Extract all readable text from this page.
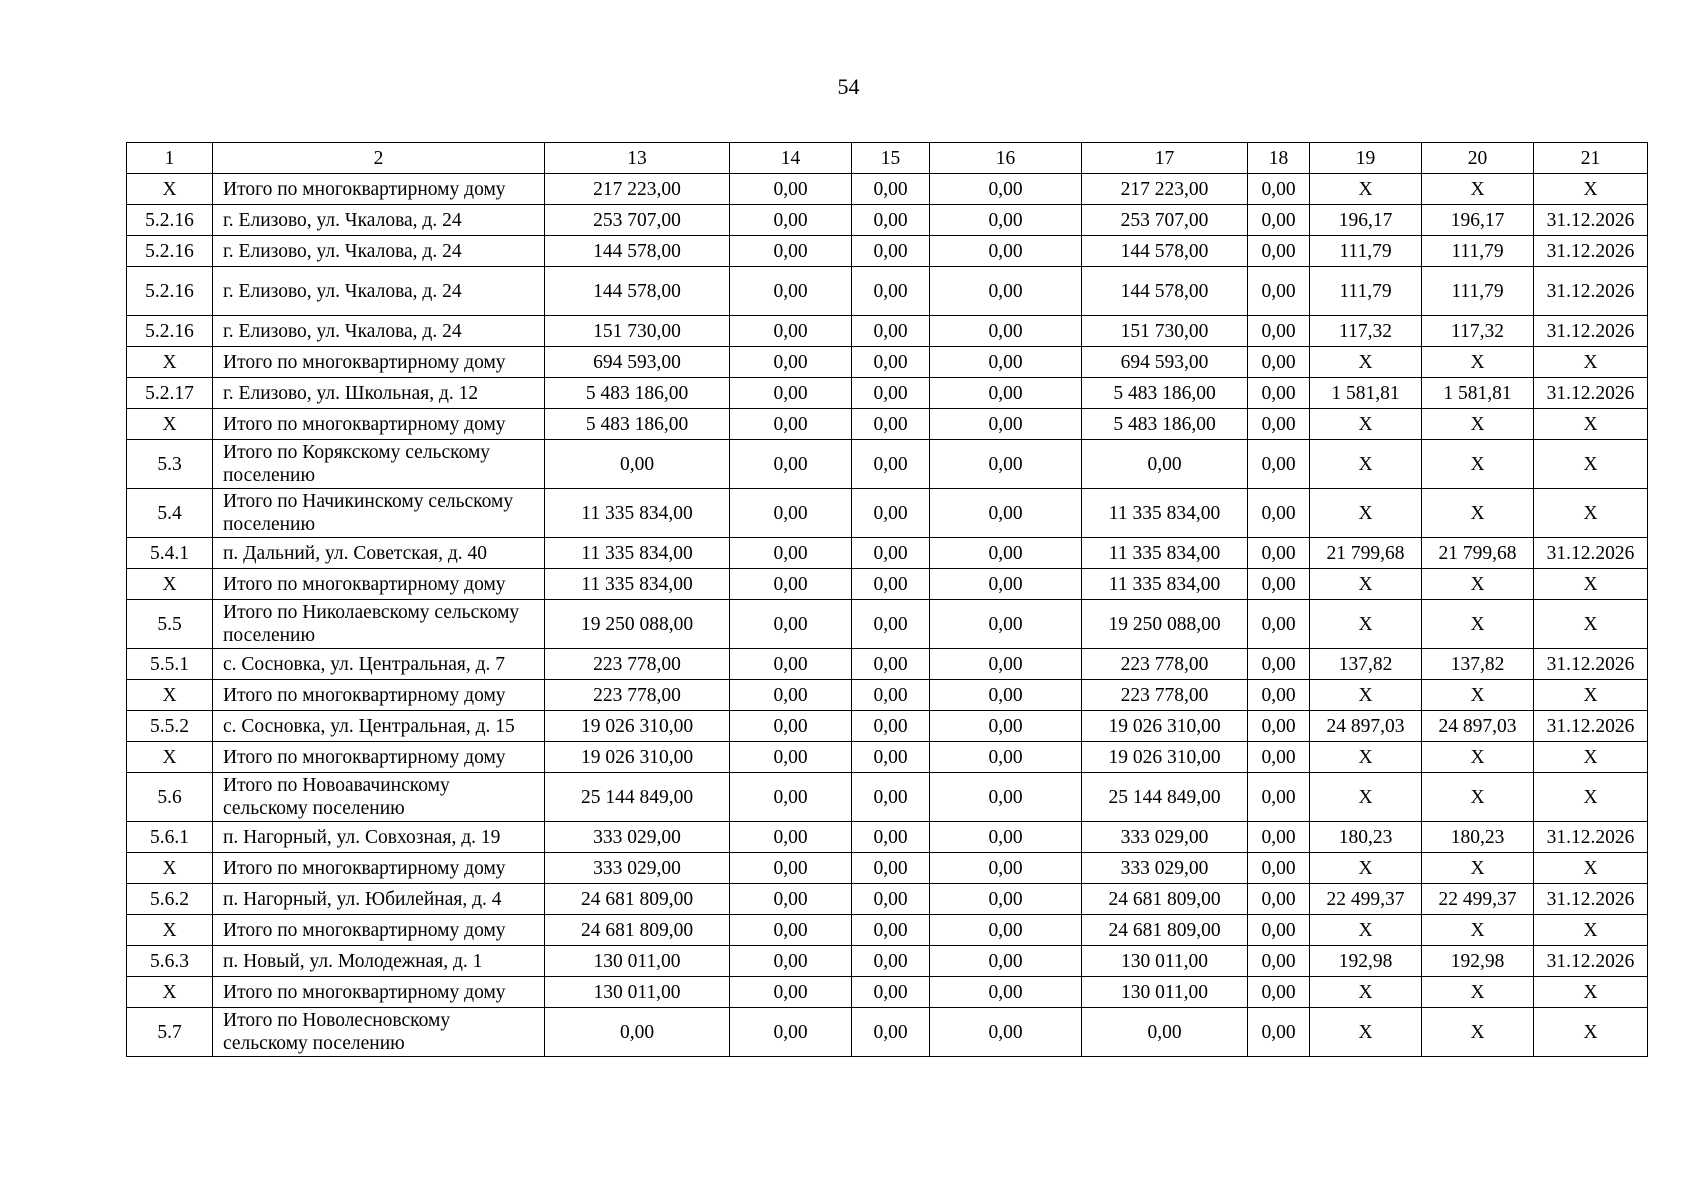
54
1	2	13	14	15	16	17	18	19	20	21
X	Итого по многоквартирному дому	217 223,00	0,00	0,00	0,00	217 223,00	0,00	X	X	X
5.2.16	г. Елизово, ул. Чкалова, д. 24	253 707,00	0,00	0,00	0,00	253 707,00	0,00	196,17	196,17	31.12.2026
5.2.16	г. Елизово, ул. Чкалова, д. 24	144 578,00	0,00	0,00	0,00	144 578,00	0,00	111,79	111,79	31.12.2026
5.2.16	г. Елизово, ул. Чкалова, д. 24	144 578,00	0,00	0,00	0,00	144 578,00	0,00	111,79	111,79	31.12.2026
5.2.16	г. Елизово, ул. Чкалова, д. 24	151 730,00	0,00	0,00	0,00	151 730,00	0,00	117,32	117,32	31.12.2026
X	Итого по многоквартирному дому	694 593,00	0,00	0,00	0,00	694 593,00	0,00	X	X	X
5.2.17	г. Елизово, ул. Школьная, д. 12	5 483 186,00	0,00	0,00	0,00	5 483 186,00	0,00	1 581,81	1 581,81	31.12.2026
X	Итого по многоквартирному дому	5 483 186,00	0,00	0,00	0,00	5 483 186,00	0,00	X	X	X
5.3	Итого по Корякскому сельскому поселению	0,00	0,00	0,00	0,00	0,00	0,00	X	X	X
5.4	Итого по Начикинскому сельскому поселению	11 335 834,00	0,00	0,00	0,00	11 335 834,00	0,00	X	X	X
5.4.1	п. Дальний, ул. Советская, д. 40	11 335 834,00	0,00	0,00	0,00	11 335 834,00	0,00	21 799,68	21 799,68	31.12.2026
X	Итого по многоквартирному дому	11 335 834,00	0,00	0,00	0,00	11 335 834,00	0,00	X	X	X
5.5	Итого по Николаевскому сельскому поселению	19 250 088,00	0,00	0,00	0,00	19 250 088,00	0,00	X	X	X
5.5.1	с. Сосновка, ул. Центральная, д. 7	223 778,00	0,00	0,00	0,00	223 778,00	0,00	137,82	137,82	31.12.2026
X	Итого по многоквартирному дому	223 778,00	0,00	0,00	0,00	223 778,00	0,00	X	X	X
5.5.2	с. Сосновка, ул. Центральная, д. 15	19 026 310,00	0,00	0,00	0,00	19 026 310,00	0,00	24 897,03	24 897,03	31.12.2026
X	Итого по многоквартирному дому	19 026 310,00	0,00	0,00	0,00	19 026 310,00	0,00	X	X	X
5.6	Итого по Новоавачинскому сельскому поселению	25 144 849,00	0,00	0,00	0,00	25 144 849,00	0,00	X	X	X
5.6.1	п. Нагорный, ул. Совхозная, д. 19	333 029,00	0,00	0,00	0,00	333 029,00	0,00	180,23	180,23	31.12.2026
X	Итого по многоквартирному дому	333 029,00	0,00	0,00	0,00	333 029,00	0,00	X	X	X
5.6.2	п. Нагорный, ул. Юбилейная, д. 4	24 681 809,00	0,00	0,00	0,00	24 681 809,00	0,00	22 499,37	22 499,37	31.12.2026
X	Итого по многоквартирному дому	24 681 809,00	0,00	0,00	0,00	24 681 809,00	0,00	X	X	X
5.6.3	п. Новый, ул. Молодежная, д. 1	130 011,00	0,00	0,00	0,00	130 011,00	0,00	192,98	192,98	31.12.2026
X	Итого по многоквартирному дому	130 011,00	0,00	0,00	0,00	130 011,00	0,00	X	X	X
5.7	Итого по Новолесновскому сельскому поселению	0,00	0,00	0,00	0,00	0,00	0,00	X	X	X
